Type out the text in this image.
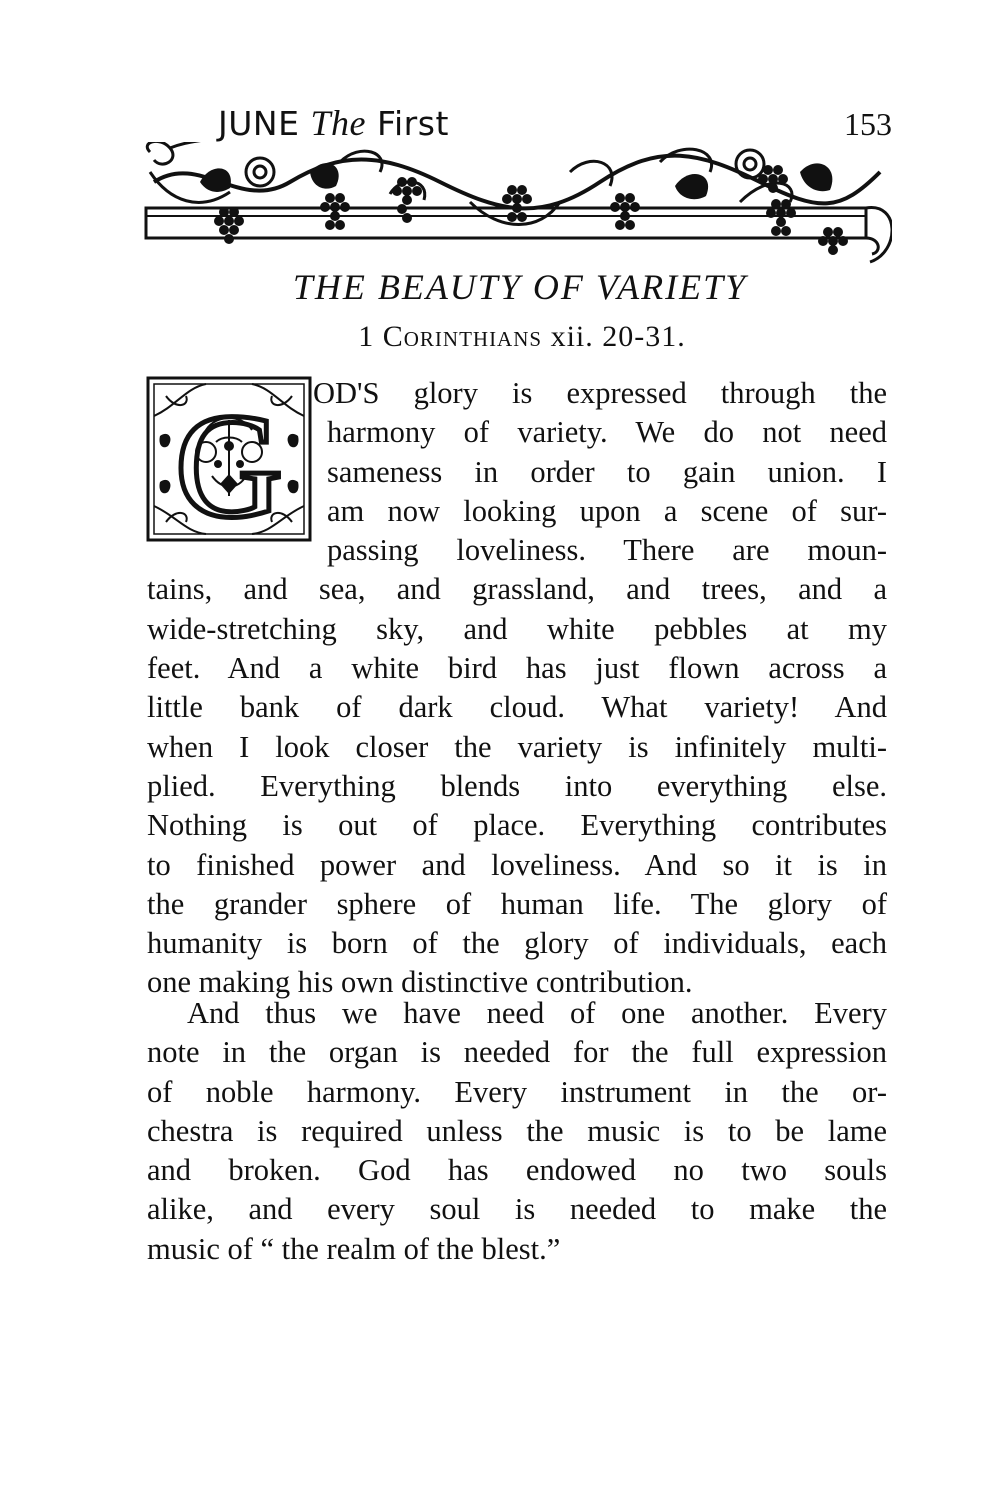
JUNE The First	153
THE BEAUTY OF VARIETY
1 Corinthians xii. 20-31.
G OD'S glory is expressed through the
harmony of variety. We do not need
sameness in order to gain union. I
am now looking upon a scene of sur-
passing loveliness. There are moun-
tains, and sea, and grassland, and trees, and a
wide-stretching sky, and white pebbles at my
feet. And a white bird has just flown across a
little bank of dark cloud. What variety! And
when I look closer the variety is infinitely multi-
plied. Everything blends into everything else.
Nothing is out of place. Everything contributes
to finished power and loveliness. And so it is in
the grander sphere of human life. The glory of
humanity is born of the glory of individuals, each
one making his own distinctive contribution.
And thus we have need of one another. Every
note in the organ is needed for the full expression
of noble harmony. Every instrument in the or-
chestra is required unless the music is to be lame
and broken. God has endowed no two souls
alike, and every soul is needed to make the
music of “ the realm of the blest.”
